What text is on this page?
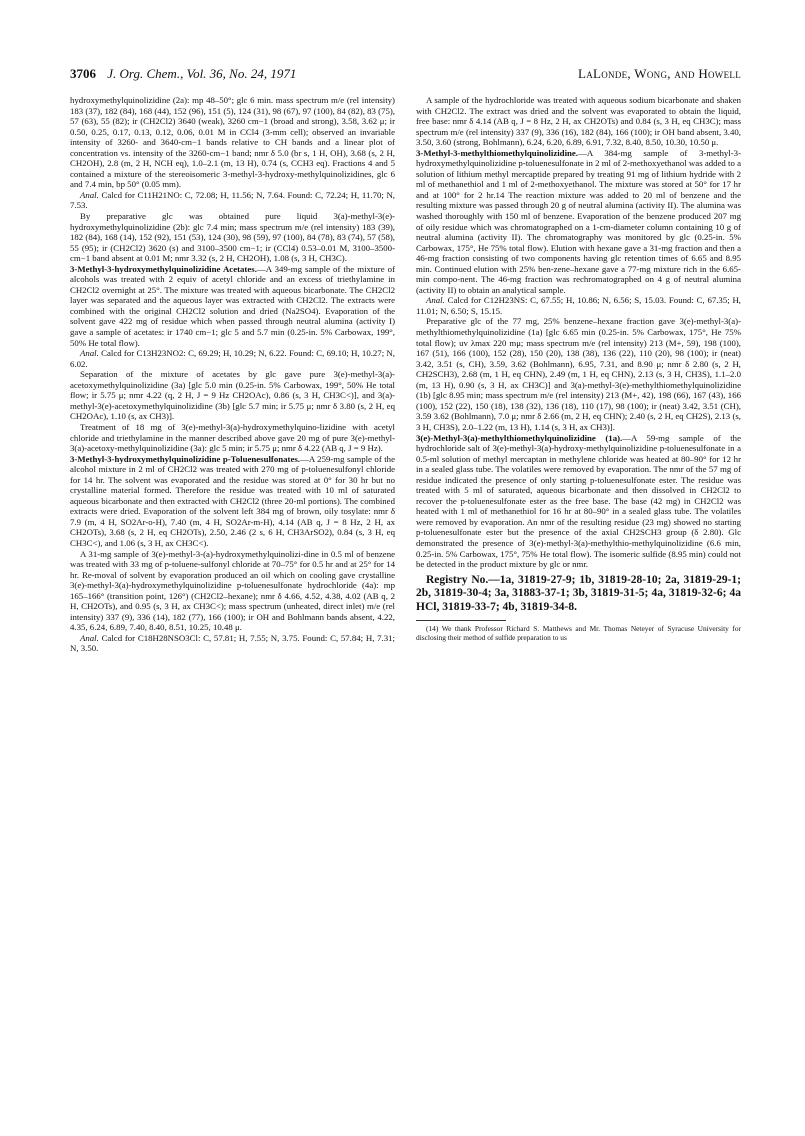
3706 J. Org. Chem., Vol. 36, No. 24, 1971	LaLonde, Wong, and Howell

hydroxymethylquinolizidine (2a): mp 48–50°; glc 6 min. mass spectrum m/e (rel intensity) 183 (37), 182 (84), 168 (44), 152 (96), 151 (5), 124 (31), 98 (67), 97 (100), 84 (82), 83 (75), 57 (63), 55 (82); ir (CH2Cl2) 3640 (weak), 3260 cm−1 (broad and strong), 3.58, 3.62 μ; ir 0.50, 0.25, 0.17, 0.13, 0.12, 0.06, 0.01 M in CCl4 (3-mm cell); observed an invariable intensity of 3260- and 3640-cm−1 bands relative to CH bands and a linear plot of concentration vs. intensity of the 3260-cm−1 band; nmr δ 5.0 (br s, 1 H, OH), 3.68 (s, 2 H, CH2OH), 2.8 (m, 2 H, NCH eq), 1.0–2.1 (m, 13 H), 0.74 (s, CCH3 eq). Fractions 4 and 5 contained a mixture of the stereoisomeric 3-methyl-3-hydroxy-methylquinolizidines, glc 6 and 7.4 min, bp 50° (0.05 mm).

Anal. Calcd for C11H21NO: C, 72.08; H, 11.56; N, 7.64. Found: C, 72.24; H, 11.70; N, 7.53.

By preparative glc was obtained pure liquid 3(a)-methyl-3(e)-hydroxymethylquinolizidine (2b): glc 7.4 min; mass spectrum m/e (rel intensity) 183 (39), 182 (84), 168 (14), 152 (92), 151 (53), 124 (30), 98 (59), 97 (100), 84 (78), 83 (74), 57 (58), 55 (95); ir (CH2Cl2) 3620 (s) and 3100–3500 cm−1; ir (CCl4) 0.53–0.01 M, 3100–3500-cm−1 band absent at 0.01 M; nmr 3.32 (s, 2 H, CH2OH), 1.08 (s, 3 H, CH3C).

3-Methyl-3-hydroxymethylquinolizidine Acetates.—A 349-mg sample of the mixture of alcohols was treated with 2 equiv of acetyl chloride and an excess of triethylamine in CH2Cl2 overnight at 25°. The mixture was treated with aqueous bicarbonate. The CH2Cl2 layer was separated and the aqueous layer was extracted with CH2Cl2. The extracts were combined with the original CH2Cl2 solution and dried (Na2SO4). Evaporation of the solvent gave 422 mg of residue which when passed through neutral alumina (activity I) gave a sample of acetates: ir 1740 cm−1; glc 5 and 5.7 min (0.25-in. 5% Carbowax, 199°, 50% He total flow).

Anal. Calcd for C13H23NO2: C, 69.29; H, 10.29; N, 6.22. Found: C, 69.10; H, 10.27; N, 6.02.

Separation of the mixture of acetates by glc gave pure 3(e)-methyl-3(a)-acetoxymethylquinolizidine (3a) [glc 5.0 min (0.25-in. 5% Carbowax, 199°, 50% He total flow; ir 5.75 μ; nmr 4.22 (q, 2 H, J = 9 Hz CH2OAc), 0.86 (s, 3 H, CH3C<)], and 3(a)-methyl-3(e)-acetoxymethylquinolizidine (3b) [glc 5.7 min; ir 5.75 μ; nmr δ 3.80 (s, 2 H, eq CH2OAc), 1.10 (s, ax CH3)].

Treatment of 18 mg of 3(e)-methyl-3(a)-hydroxymethylquino-lizidine with acetyl chloride and triethylamine in the manner described above gave 20 mg of pure 3(e)-methyl-3(a)-acetoxy-methylquinolizidine (3a): glc 5 min; ir 5.75 μ; nmr δ 4.22 (AB q, J = 9 Hz).

3-Methyl-3-hydroxymethylquinolizidine p-Toluenesulfonates.—A 259-mg sample of the alcohol mixture in 2 ml of CH2Cl2 was treated with 270 mg of p-toluenesulfonyl chloride for 14 hr. The solvent was evaporated and the residue was stored at 0° for 30 hr but no crystalline material formed. Therefore the residue was treated with 10 ml of saturated aqueous bicarbonate and then extracted with CH2Cl2 (three 20-ml portions). The combined extracts were dried. Evaporation of the solvent left 384 mg of brown, oily tosylate: nmr δ 7.9 (m, 4 H, SO2Ar-o-H), 7.40 (m, 4 H, SO2Ar-m-H), 4.14 (AB q, J = 8 Hz, 2 H, ax CH2OTs), 3.68 (s, 2 H, eq CH2OTs), 2.50, 2.46 (2 s, 6 H, CH3ArSO2), 0.84 (s, 3 H, eq CH3C<), and 1.06 (s, 3 H, ax CH3C<).

A 31-mg sample of 3(e)-methyl-3-(a)-hydroxymethylquinolizi-dine in 0.5 ml of benzene was treated with 33 mg of p-toluene-sulfonyl chloride at 70–75° for 0.5 hr and at 25° for 14 hr. Re-moval of solvent by evaporation produced an oil which on cooling gave crystalline 3(e)-methyl-3(a)-hydroxymethylquinolizidine p-toluenesulfonate hydrochloride (4a): mp 165–166° (transition point, 126°) (CH2Cl2–hexane); nmr δ 4.66, 4.52, 4.38, 4.02 (AB q, 2 H, CH2OTs), and 0.95 (s, 3 H, ax CH3C<); mass spectrum (unheated, direct inlet) m/e (rel intensity) 337 (9), 336 (14), 182 (77), 166 (100); ir OH and Bohlmann bands absent, 4.22, 4.35, 6.24, 6.89, 7.40, 8.40, 8.51, 10.25, 10.48 μ.

Anal. Calcd for C18H28NSO3Cl: C, 57.81; H, 7.55; N, 3.75. Found: C, 57.84; H, 7.31; N, 3.50.

A sample of the hydrochloride was treated with aqueous sodium bicarbonate and shaken with CH2Cl2. The extract was dried and the solvent was evaporated to obtain the liquid, free base: nmr δ 4.14 (AB q, J = 8 Hz, 2 H, ax CH2OTs) and 0.84 (s, 3 H, eq CH3C); mass spectrum m/e (rel intensity) 337 (9), 336 (16), 182 (84), 166 (100); ir OH band absent, 3.40, 3.50, 3.60 (strong, Bohlmann), 6.24, 6.20, 6.89, 6.91, 7.32, 8.40, 8.50, 10.30, 10.50 μ.

3-Methyl-3-methylthiomethylquinolizidine.—A 384-mg sample of 3-methyl-3-hydroxymethylquinolizidine p-toluenesulfonate in 2 ml of 2-methoxyethanol was added to a solution of lithium methyl mercaptide prepared by treating 91 mg of lithium hydride with 2 ml of methanethiol and 1 ml of 2-methoxyethanol. The mixture was stored at 50° for 17 hr and at 100° for 2 hr.14 The reaction mixture was added to 20 ml of benzene and the resulting mixture was passed through 20 g of neutral alumina (activity II). The alumina was washed thoroughly with 150 ml of benzene. Evaporation of the benzene produced 207 mg of oily residue which was chromatographed on a 1-cm-diameter column containing 10 g of neutral alumina (activity II). The chromatography was monitored by glc (0.25-in. 5% Carbowax, 175°, He 75% total flow). Elution with hexane gave a 31-mg fraction and then a 46-mg fraction consisting of two components having glc retention times of 6.65 and 8.95 min. Continued elution with 25% ben-zene–hexane gave a 77-mg mixture rich in the 6.65-min compo-nent. The 46-mg fraction was rechromatographed on 4 g of neutral alumina (activity II) to obtain an analytical sample.

Anal. Calcd for C12H23NS: C, 67.55; H, 10.86; N, 6.56; S, 15.03. Found: C, 67.35; H, 11.01; N, 6.50; S, 15.15.

Preparative glc of the 77 mg, 25% benzene–hexane fraction gave 3(e)-methyl-3(a)-methylthiomethylquinolizidine (1a) [glc 6.65 min (0.25-in. 5% Carbowax, 175°, He 75% total flow); uv λmax 220 mμ; mass spectrum m/e (rel intensity) 213 (M+, 59), 198 (100), 167 (51), 166 (100), 152 (28), 150 (20), 138 (38), 136 (22), 110 (20), 98 (100); ir (neat) 3.42, 3.51 (s, CH), 3.59, 3.62 (Bohlmann), 6.95, 7.31, and 8.90 μ; nmr δ 2.80 (s, 2 H, CH2SCH3), 2.68 (m, 1 H, eq CHN), 2.49 (m, 1 H, eq CHN), 2.13 (s, 3 H, CH3S), 1.1–2.0 (m, 13 H), 0.90 (s, 3 H, ax CH3C)] and 3(a)-methyl-3(e)-methylthiomethylquinolizidine (1b) [glc 8.95 min; mass spectrum m/e (rel intensity) 213 (M+, 42), 198 (66), 167 (43), 166 (100), 152 (22), 150 (18), 138 (32), 136 (18), 110 (17), 98 (100); ir (neat) 3.42, 3.51 (CH), 3.59 3.62 (Bohlmann), 7.0 μ; nmr δ 2.66 (m, 2 H, eq CHN); 2.40 (s, 2 H, eq CH2S), 2.13 (s, 3 H, CH3S), 2.0–1.22 (m, 13 H), 1.14 (s, 3 H, ax CH3)].

3(e)-Methyl-3(a)-methylthiomethylquinolizidine (1a).—A 59-mg sample of the hydrochloride salt of 3(e)-methyl-3(a)-hydroxy-methylquinolizidine p-toluenesulfonate in a 0.5-ml solution of methyl mercaptan in methylene chloride was heated at 80–90° for 12 hr in a sealed glass tube. The volatiles were removed by evaporation. The nmr of the 57 mg of residue indicated the presence of only starting p-toluenesulfonate ester. The residue was treated with 5 ml of saturated, aqueous bicarbonate and then dissolved in CH2Cl2 to recover the p-toluenesulfonate ester as the free base. The base (42 mg) in CH2Cl2 was heated with 1 ml of methanethiol for 16 hr at 80–90° in a sealed glass tube. The volatiles were removed by evaporation. An nmr of the resulting residue (23 mg) showed no starting p-toluenesulfonate ester but the presence of the axial CH2SCH3 group (δ 2.80). Glc demonstrated the presence of 3(e)-methyl-3(a)-methylthio-methylquinolizidine (6.6 min, 0.25-in. 5% Carbowax, 175°, 75% He total flow). The isomeric sulfide (8.95 min) could not be detected in the product mixture by glc or nmr.

Registry No.—1a, 31819-27-9; 1b, 31819-28-10; 2a, 31819-29-1; 2b, 31819-30-4; 3a, 31883-37-1; 3b, 31819-31-5; 4a, 31819-32-6; 4a HCl, 31819-33-7; 4b, 31819-34-8.
(14) We thank Professor Richard S. Matthews and Mr. Thomas Neteyer of Syracuse University for disclosing their method of sulfide preparation to us
